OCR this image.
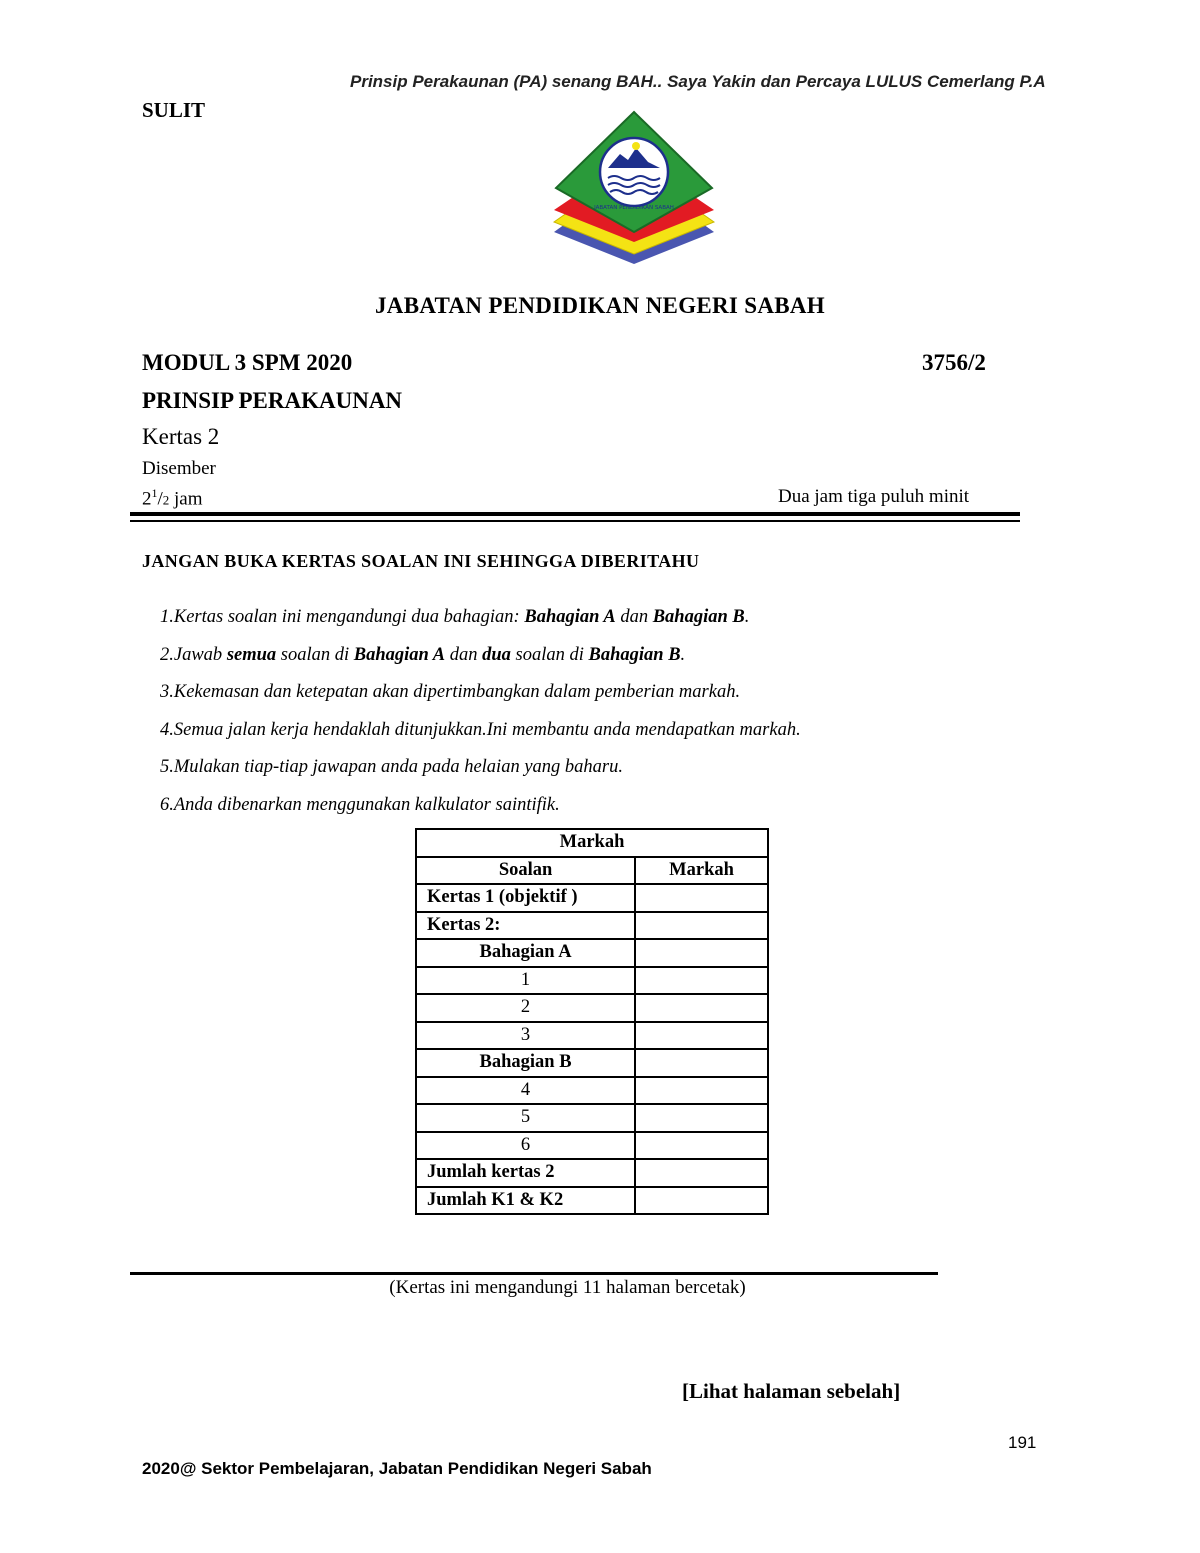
Prinsip Perakaunan (PA) senang BAH.. Saya Yakin dan Percaya LULUS Cemerlang P.A
SULIT
JABATAN PENDIDIKAN SABAH
JABATAN PENDIDIKAN NEGERI SABAH
MODUL 3 SPM 2020	3756/2
PRINSIP PERAKAUNAN
Kertas 2
Disember
$2^1/2$ jam	Dua jam tiga puluh minit
JANGAN BUKA KERTAS SOALAN INI SEHINGGA DIBERITAHU
1.Kertas soalan ini mengandungi dua bahagian: Bahagian A dan Bahagian B.
2.Jawab semua soalan di Bahagian A dan dua soalan di Bahagian B.
3.Kekemasan dan ketepatan akan dipertimbangkan dalam pemberian markah.
4.Semua jalan kerja hendaklah ditunjukkan.Ini membantu anda mendapatkan markah.
5.Mulakan tiap-tiap jawapan anda pada helaian yang baharu.
6.Anda dibenarkan menggunakan kalkulator saintifik.
Markah	
Soalan	Markah
Kertas 1 (objektif )	
Kertas 2:	
Bahagian A	
1	
2	
3	
Bahagian B	
4	
5	
6	
Jumlah kertas 2	
Jumlah K1 & K2	
(Kertas ini mengandungi 11 halaman bercetak)
[Lihat halaman sebelah]
191
2020@ Sektor Pembelajaran, Jabatan Pendidikan Negeri Sabah
